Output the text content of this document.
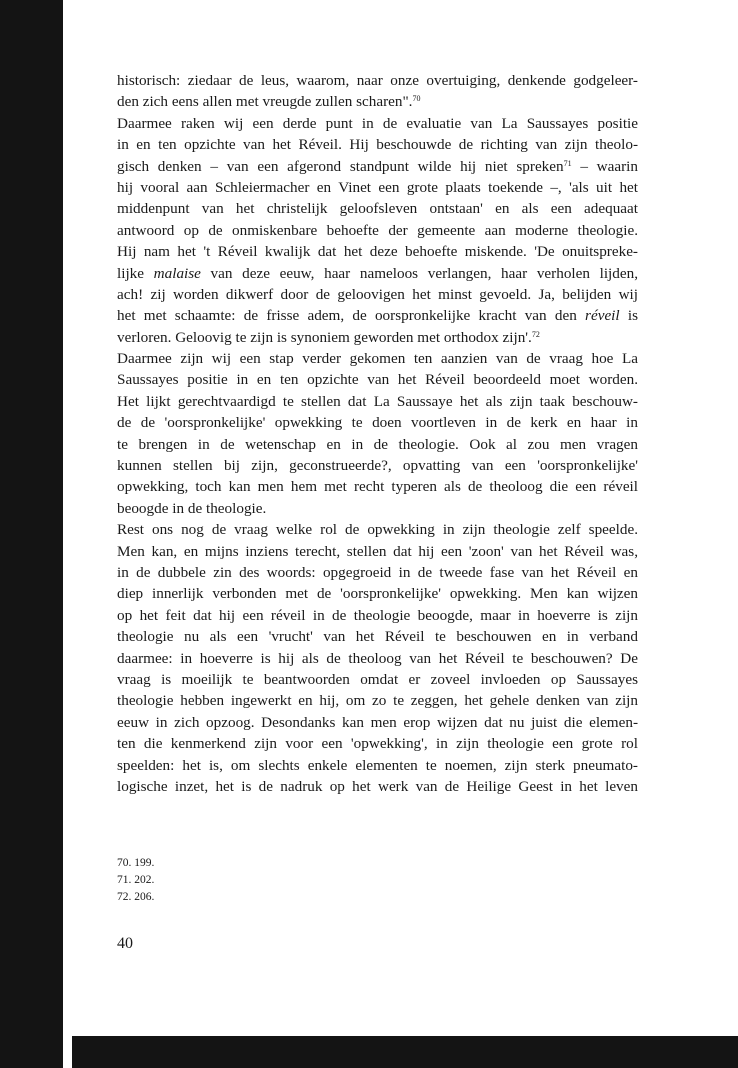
historisch: ziedaar de leus, waarom, naar onze overtuiging, denkende godgeleer-
den zich eens allen met vreugde zullen scharen".$^{70}$
Daarmee raken wij een derde punt in de evaluatie van La Saussayes positie
in en ten opzichte van het Réveil. Hij beschouwde de richting van zijn theolo-
gisch denken – van een afgerond standpunt wilde hij niet spreken$^{71}$ – waarin
hij vooral aan Schleiermacher en Vinet een grote plaats toekende –, 'als uit het
middenpunt van het christelijk geloofsleven ontstaan' en als een adequaat
antwoord op de onmiskenbare behoefte der gemeente aan moderne theologie.
Hij nam het 't Réveil kwalijk dat het deze behoefte miskende. 'De onuitspreke-
lijke malaise van deze eeuw, haar nameloos verlangen, haar verholen lijden,
ach! zij worden dikwerf door de geloovigen het minst gevoeld. Ja, belijden wij
het met schaamte: de frisse adem, de oorspronkelijke kracht van den réveil is
verloren. Geloovig te zijn is synoniem geworden met orthodox zijn'.$^{72}$
Daarmee zijn wij een stap verder gekomen ten aanzien van de vraag hoe La
Saussayes positie in en ten opzichte van het Réveil beoordeeld moet worden.
Het lijkt gerechtvaardigd te stellen dat La Saussaye het als zijn taak beschouw-
de de 'oorspronkelijke' opwekking te doen voortleven in de kerk en haar in
te brengen in de wetenschap en in de theologie. Ook al zou men vragen
kunnen stellen bij zijn, geconstrueerde?, opvatting van een 'oorspronkelijke'
opwekking, toch kan men hem met recht typeren als de theoloog die een réveil
beoogde in de theologie.
Rest ons nog de vraag welke rol de opwekking in zijn theologie zelf speelde.
Men kan, en mijns inziens terecht, stellen dat hij een 'zoon' van het Réveil was,
in de dubbele zin des woords: opgegroeid in de tweede fase van het Réveil en
diep innerlijk verbonden met de 'oorspronkelijke' opwekking. Men kan wijzen
op het feit dat hij een réveil in de theologie beoogde, maar in hoeverre is zijn
theologie nu als een 'vrucht' van het Réveil te beschouwen en in verband
daarmee: in hoeverre is hij als de theoloog van het Réveil te beschouwen? De
vraag is moeilijk te beantwoorden omdat er zoveel invloeden op Saussayes
theologie hebben ingewerkt en hij, om zo te zeggen, het gehele denken van zijn
eeuw in zich opzoog. Desondanks kan men erop wijzen dat nu juist die elemen-
ten die kenmerkend zijn voor een 'opwekking', in zijn theologie een grote rol
speelden: het is, om slechts enkele elementen te noemen, zijn sterk pneumato-
logische inzet, het is de nadruk op het werk van de Heilige Geest in het leven
70. 199.
71. 202.
72. 206.
40
